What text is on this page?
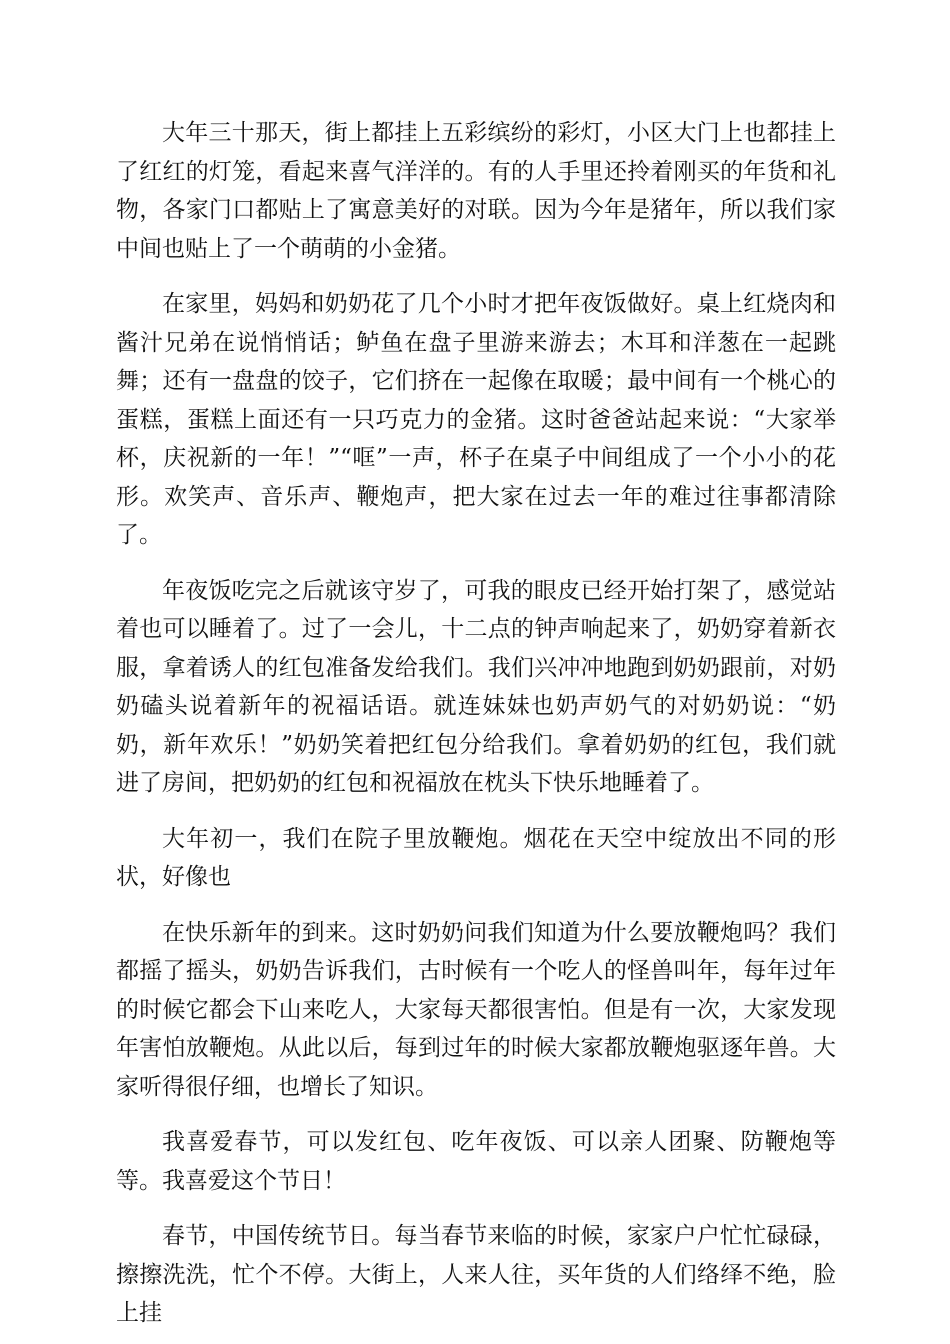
大年三十那天，街上都挂上五彩缤纷的彩灯，小区大门上也都挂上了红红的灯笼，看起来喜气洋洋的。有的人手里还拎着刚买的年货和礼物，各家门口都贴上了寓意美好的对联。因为今年是猪年，所以我们家中间也贴上了一个萌萌的小金猪。

在家里，妈妈和奶奶花了几个小时才把年夜饭做好。桌上红烧肉和酱汁兄弟在说悄悄话；鲈鱼在盘子里游来游去；木耳和洋葱在一起跳舞；还有一盘盘的饺子，它们挤在一起像在取暖；最中间有一个桃心的蛋糕，蛋糕上面还有一只巧克力的金猪。这时爸爸站起来说：“大家举杯，庆祝新的一年！”“哐”一声，杯子在桌子中间组成了一个小小的花形。欢笑声、音乐声、鞭炮声，把大家在过去一年的难过往事都清除了。

年夜饭吃完之后就该守岁了，可我的眼皮已经开始打架了，感觉站着也可以睡着了。过了一会儿，十二点的钟声响起来了，奶奶穿着新衣服，拿着诱人的红包准备发给我们。我们兴冲冲地跑到奶奶跟前，对奶奶磕头说着新年的祝福话语。就连妹妹也奶声奶气的对奶奶说：“奶奶，新年欢乐！”奶奶笑着把红包分给我们。拿着奶奶的红包，我们就进了房间，把奶奶的红包和祝福放在枕头下快乐地睡着了。

大年初一，我们在院子里放鞭炮。烟花在天空中绽放出不同的形状，好像也

在快乐新年的到来。这时奶奶问我们知道为什么要放鞭炮吗？我们都摇了摇头，奶奶告诉我们，古时候有一个吃人的怪兽叫年，每年过年的时候它都会下山来吃人，大家每天都很害怕。但是有一次，大家发现年害怕放鞭炮。从此以后，每到过年的时候大家都放鞭炮驱逐年兽。大家听得很仔细，也增长了知识。

我喜爱春节，可以发红包、吃年夜饭、可以亲人团聚、防鞭炮等等。我喜爱这个节日！

春节，中国传统节日。每当春节来临的时候，家家户户忙忙碌碌，擦擦洗洗，忙个不停。大街上，人来人往，买年货的人们络绎不绝，脸上挂
